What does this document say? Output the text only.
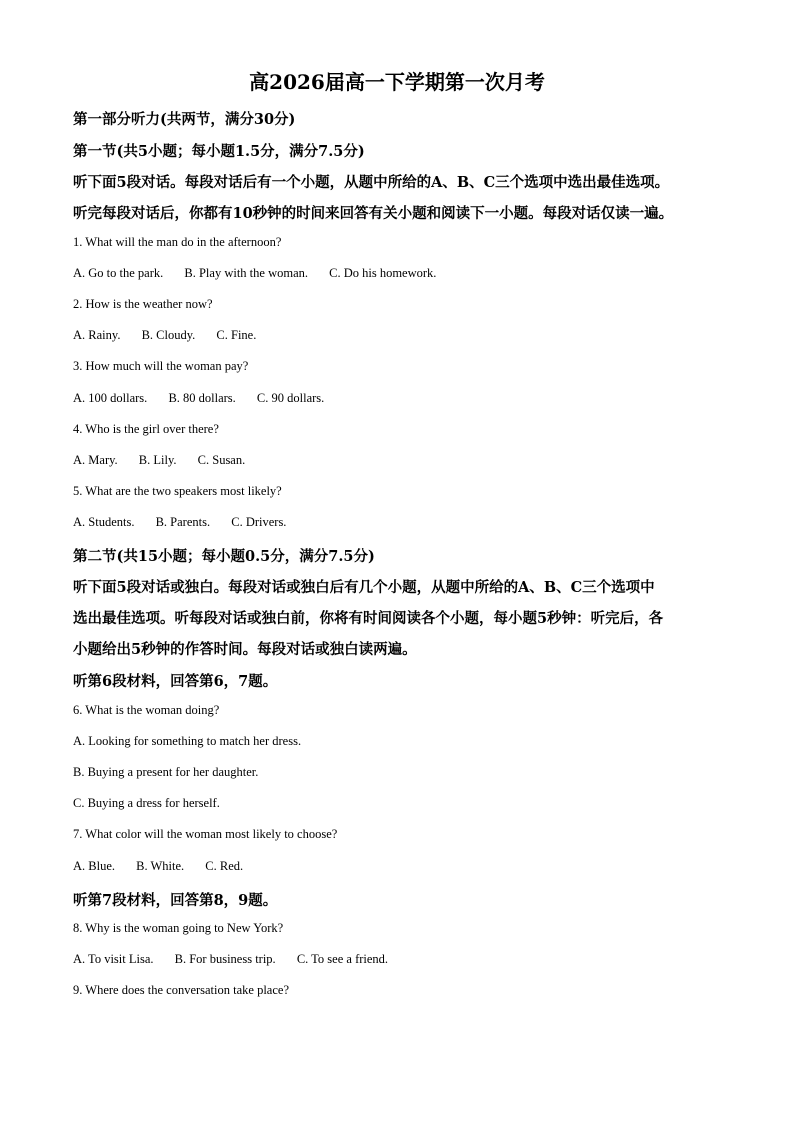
高2026届高一下学期第一次月考
第一部分听力(共两节，满分30分)
第一节(共5小题；每小题1.5分，满分7.5分)
听下面5段对话。每段对话后有一个小题，从题中所给的A、B、C三个选项中选出最佳选项。
听完每段对话后，你都有10秒钟的时间来回答有关小题和阅读下一小题。每段对话仅读一遍。
1. What will the man do in the afternoon?
A. Go to the park. B. Play with the woman. C. Do his homework.
2. How is the weather now?
A. Rainy. B. Cloudy. C. Fine.
3. How much will the woman pay?
A. 100 dollars. B. 80 dollars. C. 90 dollars.
4. Who is the girl over there?
A. Mary. B. Lily. C. Susan.
5. What are the two speakers most likely?
A. Students. B. Parents. C. Drivers.
第二节(共15小题；每小题0.5分，满分7.5分)
听下面5段对话或独白。每段对话或独白后有几个小题，从题中所给的A、B、C三个选项中
选出最佳选项。听每段对话或独白前，你将有时间阅读各个小题，每小题5秒钟：听完后，各
小题给出5秒钟的作答时间。每段对话或独白读两遍。
听第6段材料，回答第6，7题。
6. What is the woman doing?
A. Looking for something to match her dress.
B. Buying a present for her daughter.
C. Buying a dress for herself.
7. What color will the woman most likely to choose?
A. Blue. B. White. C. Red.
听第7段材料，回答第8，9题。
8. Why is the woman going to New York?
A. To visit Lisa. B. For business trip. C. To see a friend.
9. Where does the conversation take place?
